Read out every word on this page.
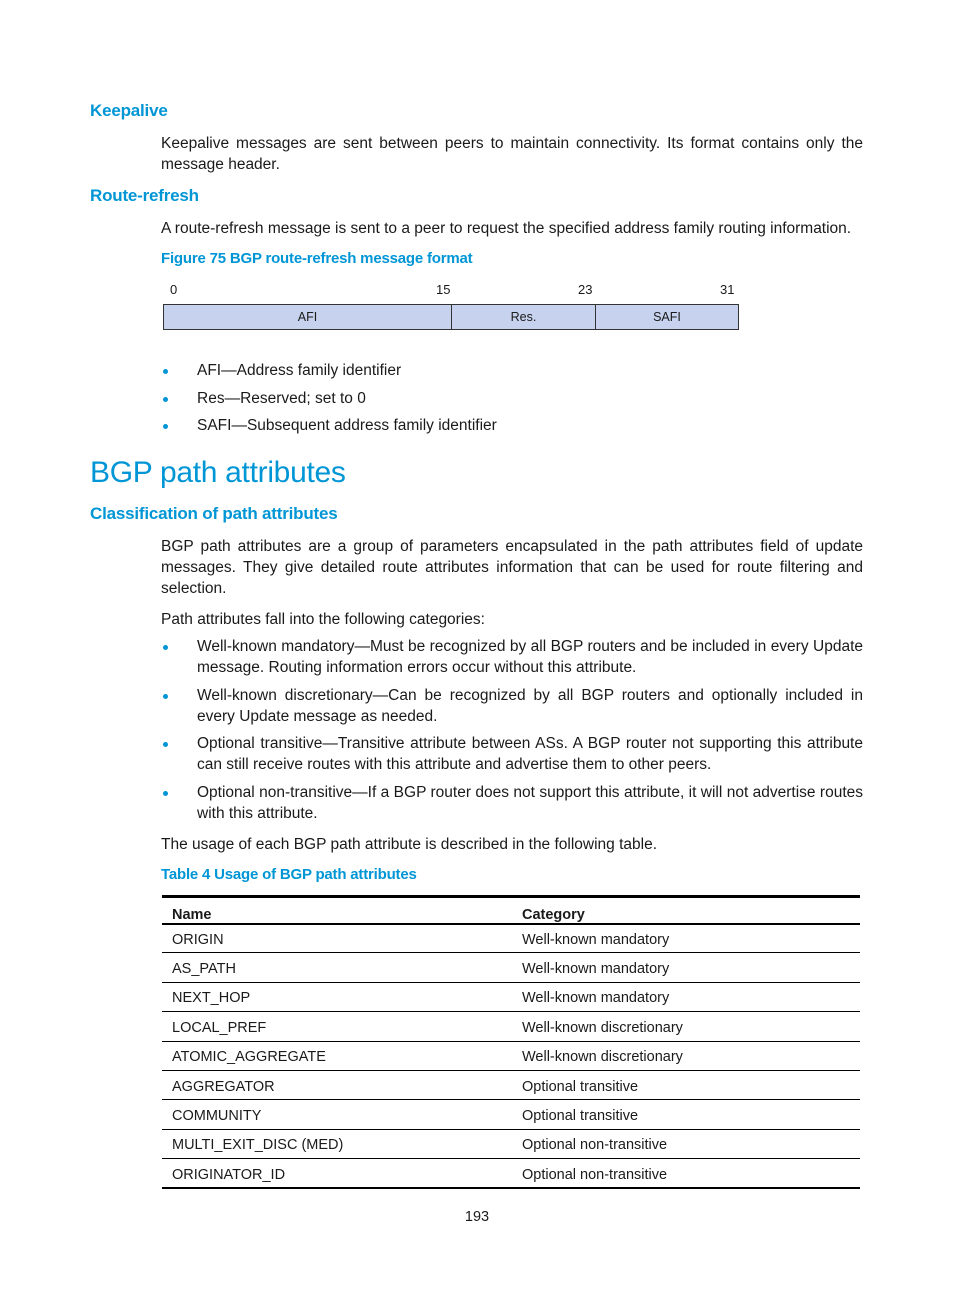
Keepalive
Keepalive messages are sent between peers to maintain connectivity. Its format contains only the message header.
Route-refresh
A route-refresh message is sent to a peer to request the specified address family routing information.
Figure 75 BGP route-refresh message format
0	15	23	31
AFI	Res.	SAFI
AFI—Address family identifier
Res—Reserved; set to 0
SAFI—Subsequent address family identifier
BGP path attributes
Classification of path attributes
BGP path attributes are a group of parameters encapsulated in the path attributes field of update messages. They give detailed route attributes information that can be used for route filtering and selection.
Path attributes fall into the following categories:
Well-known mandatory—Must be recognized by all BGP routers and be included in every Update message. Routing information errors occur without this attribute.
Well-known discretionary—Can be recognized by all BGP routers and optionally included in every Update message as needed.
Optional transitive—Transitive attribute between ASs. A BGP router not supporting this attribute can still receive routes with this attribute and advertise them to other peers.
Optional non-transitive—If a BGP router does not support this attribute, it will not advertise routes with this attribute.
The usage of each BGP path attribute is described in the following table.
Table 4 Usage of BGP path attributes
Name	Category
ORIGIN	Well-known mandatory
AS_PATH	Well-known mandatory
NEXT_HOP	Well-known mandatory
LOCAL_PREF	Well-known discretionary
ATOMIC_AGGREGATE	Well-known discretionary
AGGREGATOR	Optional transitive
COMMUNITY	Optional transitive
MULTI_EXIT_DISC (MED)	Optional non-transitive
ORIGINATOR_ID	Optional non-transitive
193
